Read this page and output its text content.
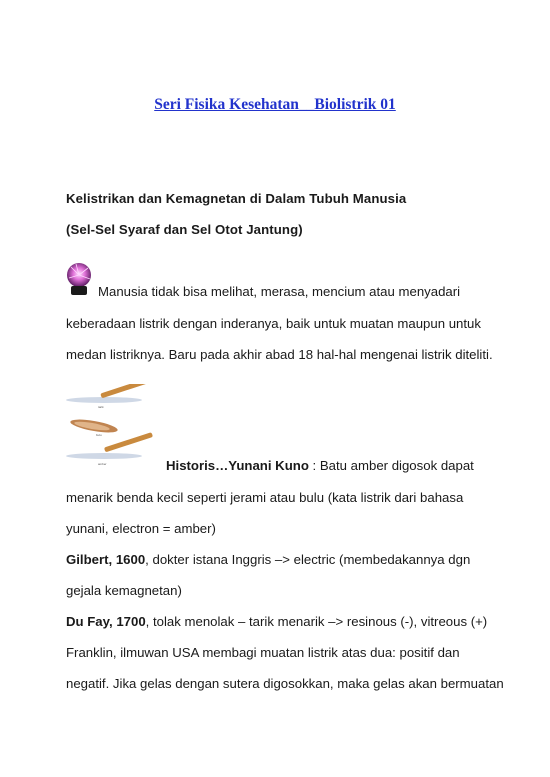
Seri Fisika Kesehatan__Biolistrik 01
Kelistrikan dan Kemagnetan di Dalam Tubuh Manusia
(Sel-Sel Syaraf dan Sel Otot Jantung)
Manusia tidak bisa melihat, merasa, mencium atau menyadari
keberadaan listrik dengan inderanya, baik untuk muatan maupun untuk
medan listriknya. Baru pada akhir abad 18 hal-hal mengenai listrik diteliti.
tarik
bulu
amber	Historis…Yunani Kuno : Batu amber digosok dapat
menarik benda kecil seperti jerami atau bulu (kata listrik dari bahasa
yunani, electron = amber)
Gilbert, 1600, dokter istana Inggris –> electric (membedakannya dgn
gejala kemagnetan)
Du Fay, 1700, tolak menolak – tarik menarik –> resinous (-), vitreous (+)
Franklin, ilmuwan USA membagi muatan listrik atas dua: positif dan
negatif. Jika gelas dengan sutera digosokkan, maka gelas akan bermuatan
